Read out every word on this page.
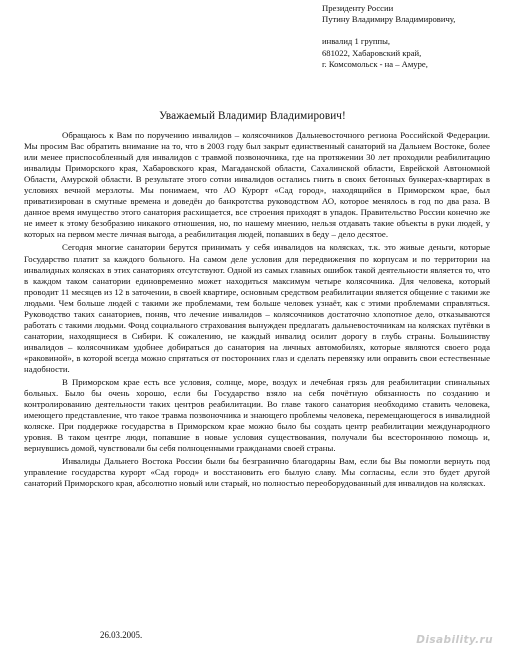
Президенту России
Путину Владимиру Владимировичу,
инвалид 1 группы,
681022, Хабаровский край,
г. Комсомольск - на – Амуре,
Уважаемый Владимир Владимирович!

Обращаюсь к Вам по поручению инвалидов – колясочников Дальневосточного региона Российской Федерации. Мы просим Вас обратить внимание на то, что в 2003 году был закрыт единственный санаторий на Дальнем Востоке, более или менее приспособленный для инвалидов с травмой позвоночника, где на протяжении 30 лет проходили реабилитацию инвалиды Приморского края, Хабаровского края, Магаданской области, Сахалинской области, Еврейской Автономной Области, Амурской области. В результате этого сотни инвалидов остались гнить в своих бетонных бункерах-квартирах в условиях вечной мерзлоты. Мы понимаем, что АО Курорт «Сад город», находящийся в Приморском крае, был приватизирован в смутные времена и доведён до банкротства руководством АО, которое менялось в год по два раза. В данное время имущество этого санатория расхищается, все строения приходят в упадок. Правительство России конечно же не имеет к этому безобразию никакого отношения, но, по нашему мнению, нельзя отдавать такие объекты в руки людей, у которых на первом месте личная выгода, а реабилитация людей, попавших в беду – дело десятое.

Сегодня многие санатории берутся принимать у себя инвалидов на колясках, т.к. это живые деньги, которые Государство платит за каждого больного. На самом деле условия для передвижения по корпусам и по территории на инвалидных колясках в этих санаториях отсутствуют. Одной из самых главных ошибок такой деятельности является то, что в каждом таком санатории единовременно может находиться максимум четыре колясочника. Для человека, который проводит 11 месяцев из 12 в заточении, в своей квартире, основным средством реабилитации является общение с такими же людьми. Чем больше людей с такими же проблемами, тем больше человек узнаёт, как с этими проблемами справляться. Руководство таких санаториев, поняв, что лечение инвалидов – колясочников достаточно хлопотное дело, отказываются работать с такими людьми. Фонд социального страхования вынужден предлагать дальневосточникам на колясках путёвки в санатории, находящиеся в Сибири. К сожалению, не каждый инвалид осилит дорогу в глубь страны. Большинству инвалидов – колясочникам удобнее добираться до санатория на личных автомобилях, которые являются своего рода «раковиной», в которой всегда можно спрятаться от посторонних глаз и сделать перевязку или оправить свои естественные надобности.

В Приморском крае есть все условия, солнце, море, воздух и лечебная грязь для реабилитации спинальных больных. Было бы очень хорошо, если бы Государство взяло на себя почётную обязанность по созданию и контролированию деятельности таких центров реабилитации. Во главе такого санатория необходимо ставить человека, имеющего представление, что такое травма позвоночника и знающего проблемы человека, перемещающегося в инвалидной коляске. При поддержке государства в Приморском крае можно было бы создать центр реабилитации международного уровня. В таком центре люди, попавшие в новые условия существования, получали бы всестороннюю помощь и, вернувшись домой, чувствовали бы себя полноценными гражданами своей страны.

Инвалиды Дальнего Востока России были бы безгранично благодарны Вам, если бы Вы помогли вернуть под управление государства курорт «Сад город» и восстановить его былую славу. Мы согласны, если это будет другой санаторий Приморского края, абсолютно новый или старый, но полностью переоборудованный для инвалидов на колясках.

26.03.2005.	Disability.ru
